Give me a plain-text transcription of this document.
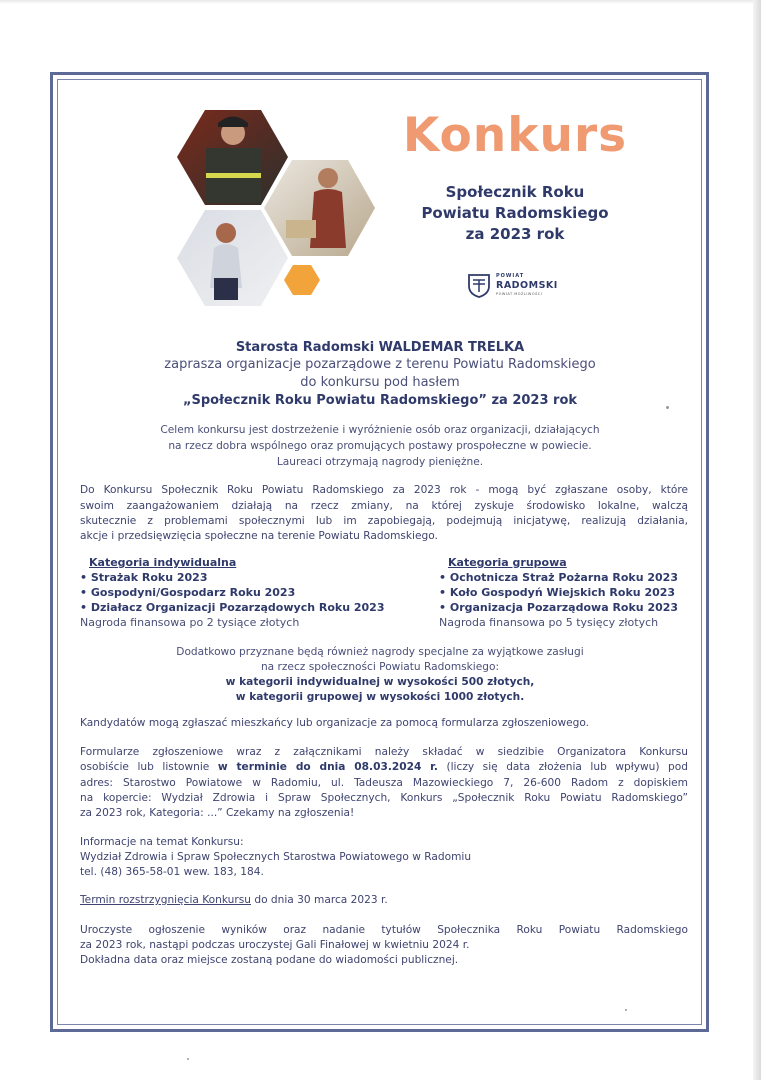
Konkurs
Społecznik Roku
Powiatu Radomskiego
za 2023 rok
POWIAT
RADOMSKI
POWIAT MOŻLIWOŚCI
Starosta Radomski WALDEMAR TRELKA
zaprasza organizacje pozarządowe z terenu Powiatu Radomskiego
do konkursu pod hasłem
„Społecznik Roku Powiatu Radomskiego” za 2023 rok
Celem konkursu jest dostrzeżenie i wyróżnienie osób oraz organizacji, działających
na rzecz dobra wspólnego oraz promujących postawy prospołeczne w powiecie.
Laureaci otrzymają nagrody pieniężne.
Do Konkursu Społecznik Roku Powiatu Radomskiego za 2023 rok - mogą być zgłaszane osoby, które
swoim zaangażowaniem działają na rzecz zmiany, na której zyskuje środowisko lokalne, walczą
skutecznie z problemami społecznymi lub im zapobiegają, podejmują inicjatywę, realizują działania,
akcje i przedsięwzięcia społeczne na terenie Powiatu Radomskiego.
Kategoria indywidualna
• Strażak Roku 2023
• Gospodyni/Gospodarz Roku 2023
• Działacz Organizacji Pozarządowych Roku 2023
Nagroda finansowa po 2 tysiące złotych
Kategoria grupowa
• Ochotnicza Straż Pożarna Roku 2023
• Koło Gospodyń Wiejskich Roku 2023
• Organizacja Pozarządowa Roku 2023
Nagroda finansowa po 5 tysięcy złotych
Dodatkowo przyznane będą również nagrody specjalne za wyjątkowe zasługi
na rzecz społeczności Powiatu Radomskiego:
w kategorii indywidualnej w wysokości 500 złotych,
w kategorii grupowej w wysokości 1000 złotych.
Kandydatów mogą zgłaszać mieszkańcy lub organizacje za pomocą formularza zgłoszeniowego.
Formularze zgłoszeniowe wraz z załącznikami należy składać w siedzibie Organizatora Konkursu
osobiście lub listownie w terminie do dnia 08.03.2024 r. (liczy się data złożenia lub wpływu) pod
adres: Starostwo Powiatowe w Radomiu, ul. Tadeusza Mazowieckiego 7, 26-600 Radom z dopiskiem
na kopercie: Wydział Zdrowia i Spraw Społecznych, Konkurs „Społecznik Roku Powiatu Radomskiego”
za 2023 rok, Kategoria: ...” Czekamy na zgłoszenia!
Informacje na temat Konkursu:
Wydział Zdrowia i Spraw Społecznych Starostwa Powiatowego w Radomiu
tel. (48) 365-58-01 wew. 183, 184.
Termin rozstrzygnięcia Konkursu do dnia 30 marca 2023 r.
Uroczyste ogłoszenie wyników oraz nadanie tytułów Społecznika Roku Powiatu Radomskiego
za 2023 rok, nastąpi podczas uroczystej Gali Finałowej w kwietniu 2024 r.
Dokładna data oraz miejsce zostaną podane do wiadomości publicznej.
